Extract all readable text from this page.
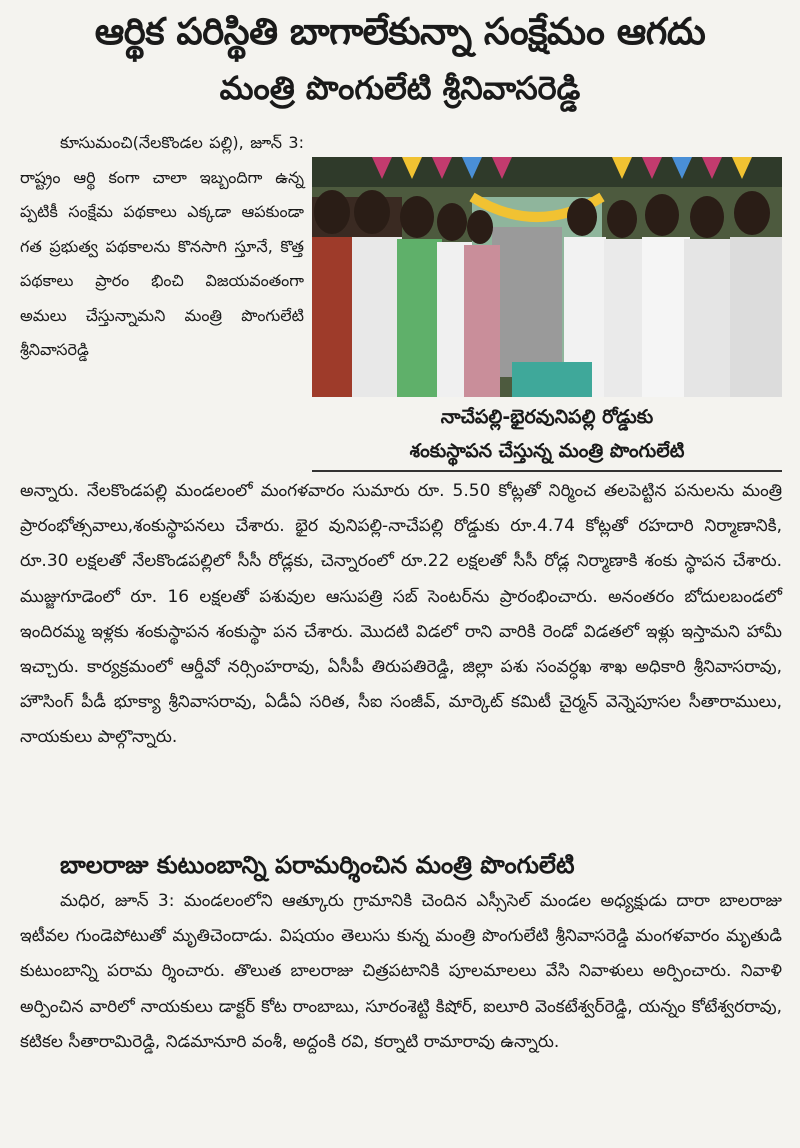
ఆర్థిక పరిస్థితి బాగాలేకున్నా సంక్షేమం ఆగదు
మంత్రి పొంగులేటి శ్రీనివాసరెడ్డి

కూసుమంచి(నేలకొండల పల్లి), జూన్ 3: రాష్ట్రం ఆర్థి కంగా చాలా ఇబ్బందిగా ఉన్న ప్పటికీ సంక్షేమ పథకాలు ఎక్కడా ఆపకుండా గత ప్రభుత్వ పథకాలను కొనసాగి స్తూనే, కొత్త పథకాలు ప్రారం భించి విజయవంతంగా అమలు చేస్తున్నామని మంత్రి పొంగులేటి శ్రీనివాసరెడ్డి

నాచేపల్లి-భైరవునిపల్లి రోడ్డుకు
శంకుస్థాపన చేస్తున్న మంత్రి పొంగులేటి

అన్నారు. నేలకొండపల్లి మండలంలో మంగళవారం సుమారు రూ. 5.50 కోట్లతో నిర్మించ తలపెట్టిన పనులను మంత్రి ప్రారంభోత్సవాలు,శంకుస్థాపనలు చేశారు. భైర వునిపల్లి-నాచేపల్లి రోడ్డుకు రూ.4.74 కోట్లతో రహదారి నిర్మాణానికి, రూ.30 లక్షలతో నేలకొండపల్లిలో సీసీ రోడ్లకు, చెన్నారంలో రూ.22 లక్షలతో సీసీ రోడ్ల నిర్మాణాకి శంకు స్థాపన చేశారు. ముజ్జుగూడెంలో రూ. 16 లక్షలతో పశువుల ఆసుపత్రి సబ్ సెంటర్‌ను ప్రారంభించారు. అనంతరం బోదులబండలో ఇందిరమ్మ ఇళ్లకు శంకుస్థాపన శంకుస్థా పన చేశారు. మొదటి విడలో రాని వారికి రెండో విడతలో ఇళ్లు ఇస్తామని హామీ ఇచ్చారు. కార్యక్రమంలో ఆర్డీవో నర్సింహరావు, ఏసీపీ తిరుపతిరెడ్డి, జిల్లా పశు సంవర్ధఖ శాఖ అధికారి శ్రీనివాసరావు, హౌసింగ్ పీడీ భూక్యా శ్రీనివాసరావు, ఏడీఏ సరిత, సీఐ సంజీవ్, మార్కెట్ కమిటీ చైర్మన్ వెన్నెపూసల సీతారాములు, నాయకులు పాల్గొన్నారు.

బాలరాజు కుటుంబాన్ని పరామర్శించిన మంత్రి పొంగులేటి

మధిర, జూన్ 3: మండలంలోని ఆత్కూరు గ్రామానికి చెందిన ఎస్సీసెల్ మండల అధ్యక్షుడు దారా బాలరాజు ఇటీవల గుండెపోటుతో మృతిచెందాడు. విషయం తెలుసు కున్న మంత్రి పొంగులేటి శ్రీనివాసరెడ్డి మంగళవారం మృతుడి కుటుంబాన్ని పరామ ర్శించారు. తొలుత బాలరాజు చిత్రపటానికి పూలమాలలు వేసి నివాళులు అర్పించారు. నివాళి అర్పించిన వారిలో నాయకులు డాక్టర్ కోట రాంబాబు, సూరంశెట్టి కిషోర్, ఐలూరి వెంకటేశ్వర్‌రెడ్డి, యన్నం కోటేశ్వరరావు, కటికల సీతారామిరెడ్డి, నిడమానూరి వంశీ, అద్దంకి రవి, కర్నాటి రామారావు ఉన్నారు.
